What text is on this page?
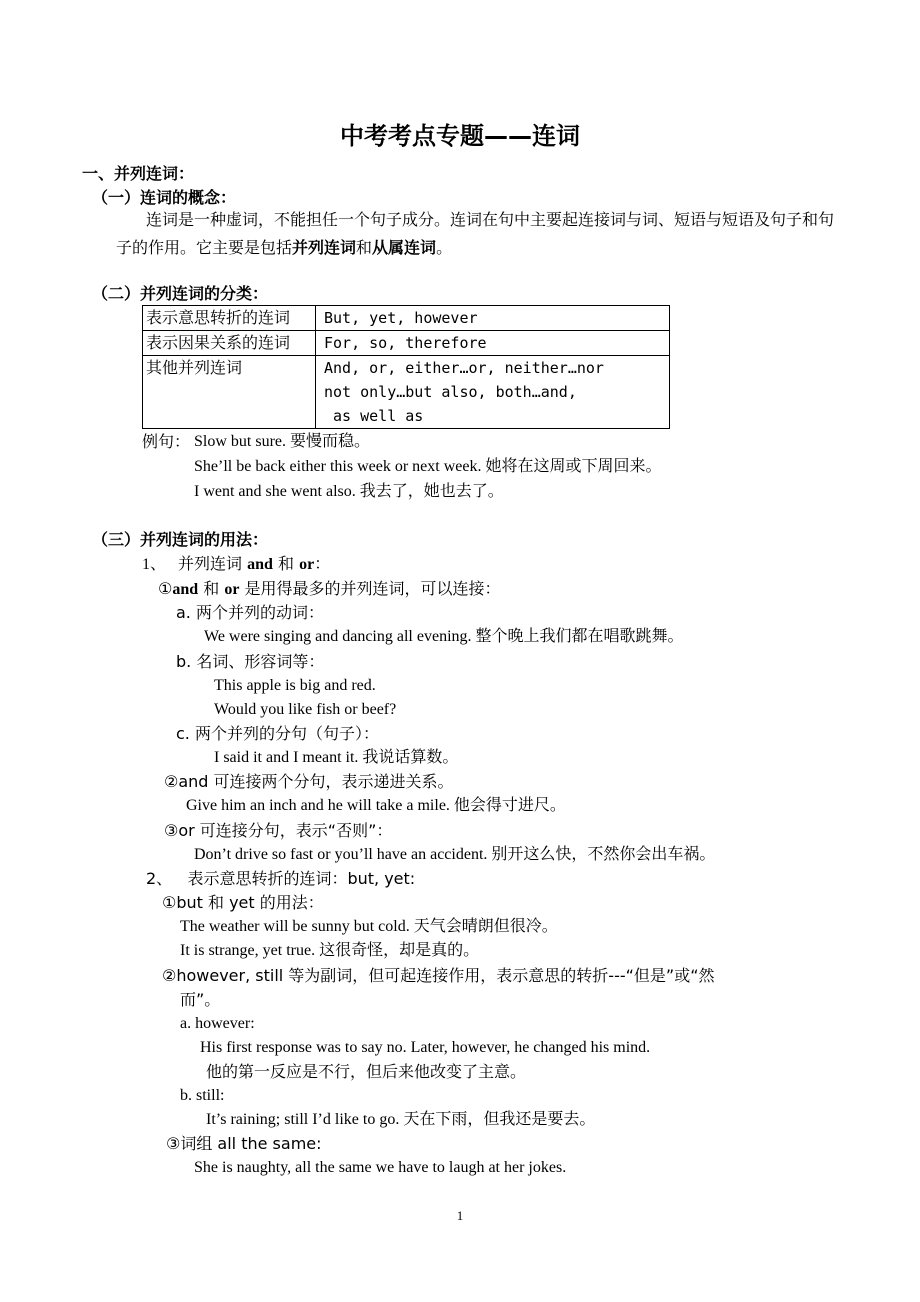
中考考点专题——连词
一、并列连词：
（一）连词的概念：
连词是一种虚词，不能担任一个句子成分。连词在句中主要起连接词与词、短语与短语及句子和句子的作用。它主要是包括并列连词和从属连词。
（二）并列连词的分类：
表示意思转折的连词	But, yet, however
表示因果关系的连词	For, so, therefore
其他并列连词	And, or, either…or, neither…nor
not only…but also, both…and,
as well as
例句： Slow but sure. 要慢而稳。
She’ll be back either this week or next week. 她将在这周或下周回来。
I went and she went also. 我去了，她也去了。
（三）并列连词的用法：
1、 并列连词 and 和 or：
①and 和 or 是用得最多的并列连词，可以连接：
a. 两个并列的动词：
We were singing and dancing all evening. 整个晚上我们都在唱歌跳舞。
b. 名词、形容词等：
This apple is big and red.
Would you like fish or beef?
c. 两个并列的分句（句子）：
I said it and I meant it. 我说话算数。
②and 可连接两个分句，表示递进关系。
Give him an inch and he will take a mile. 他会得寸进尺。
③or 可连接分句，表示“否则”：
Don’t drive so fast or you’ll have an accident. 别开这么快，不然你会出车祸。
2、 表示意思转折的连词：but, yet:
①but 和 yet 的用法：
The weather will be sunny but cold. 天气会晴朗但很冷。
It is strange, yet true. 这很奇怪，却是真的。
②however, still 等为副词，但可起连接作用，表示意思的转折---“但是”或“然
而”。
a. however:
His first response was to say no. Later, however, he changed his mind.
他的第一反应是不行，但后来他改变了主意。
b. still:
It’s raining; still I’d like to go. 天在下雨，但我还是要去。
③词组 all the same:
She is naughty, all the same we have to laugh at her jokes.
1
